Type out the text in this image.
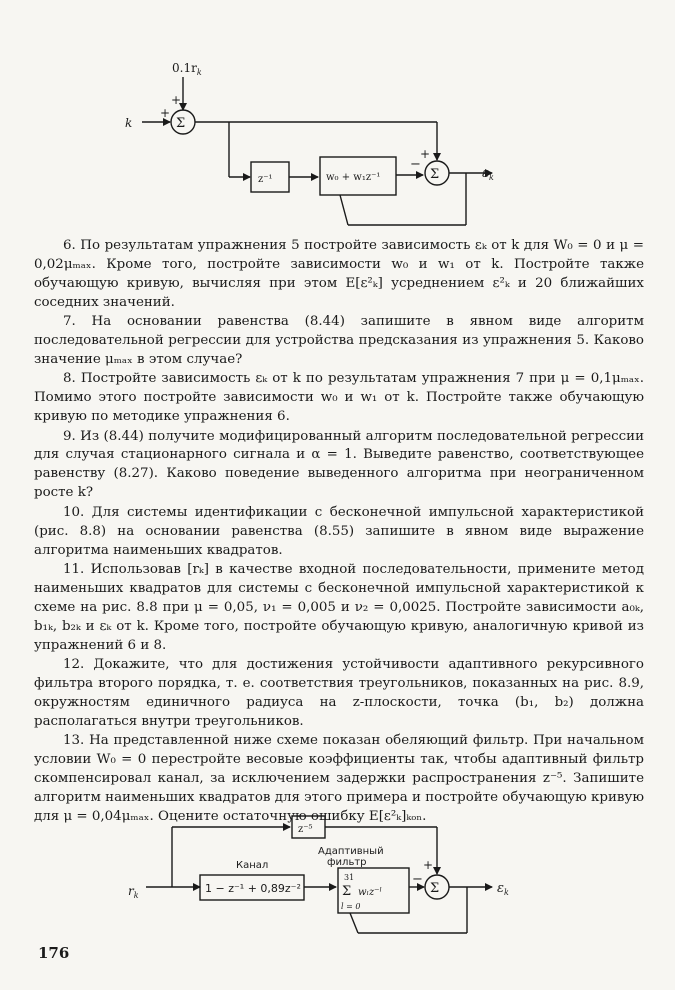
$0.1r_k$
+
+
Σ
k
z⁻¹	w₀ + w₁z⁻¹
−
+
Σ	$\varepsilon_k$

6. По результатам упражнения 5 постройте зависимость εₖ от k для W₀ = 0 и μ = 0,02μₘₐₓ. Кроме того, постройте зависимости w₀ и w₁ от k. Постройте также обучающую кривую, вычисляя при этом E[ε²ₖ] усреднением ε²ₖ и 20 ближайших соседних значений.

7. На основании равенства (8.44) запишите в явном виде алгоритм последовательной регрессии для устройства предсказания из упражнения 5. Каково значение μₘₐₓ в этом случае?

8. Постройте зависимость εₖ от k по результатам упражнения 7 при μ = 0,1μₘₐₓ. Помимо этого постройте зависимости w₀ и w₁ от k. Постройте также обучающую кривую по методике упражнения 6.

9. Из (8.44) получите модифицированный алгоритм последовательной регрессии для случая стационарного сигнала и α = 1. Выведите равенство, соответствующее равенству (8.27). Каково поведение выведенного алгоритма при неограниченном росте k?

10. Для системы идентификации с бесконечной импульсной характеристикой (рис. 8.8) на основании равенства (8.55) запишите в явном виде выражение алгоритма наименьших квадратов.

11. Использовав [rₖ] в качестве входной последовательности, примените метод наименьших квадратов для системы с бесконечной импульсной характеристикой к схеме на рис. 8.8 при μ = 0,05, ν₁ = 0,005 и ν₂ = 0,0025. Постройте зависимости a₀ₖ, b₁ₖ, b₂ₖ и εₖ от k. Кроме того, постройте обучающую кривую, аналогичную кривой из упражнений 6 и 8.

12. Докажите, что для достижения устойчивости адаптивного рекурсивного фильтра второго порядка, т. е. соответствия треугольников, показанных на рис. 8.9, окружностям единичного радиуса на z-плоскости, точка (b₁, b₂) должна располагаться внутри треугольников.

13. На представленной ниже схеме показан обеляющий фильтр. При начальном условии W₀ = 0 перестройте весовые коэффициенты так, чтобы адаптивный фильтр скомпенсировал канал, за исключением задержки распространения z⁻⁵. Запишите алгоритм наименьших квадратов для этого примера и постройте обучающую кривую для μ = 0,04μₘₐₓ. Оцените остаточную ошибку E[ε²ₖ]ₖₒₙ.

z⁻⁵
Канал
1 − z⁻¹ + 0,89z⁻²
Адаптивный
фильтр
31
Σ wₗz⁻ˡ
l = 0
$r_k$
−
+
Σ	$\varepsilon_k$
176
